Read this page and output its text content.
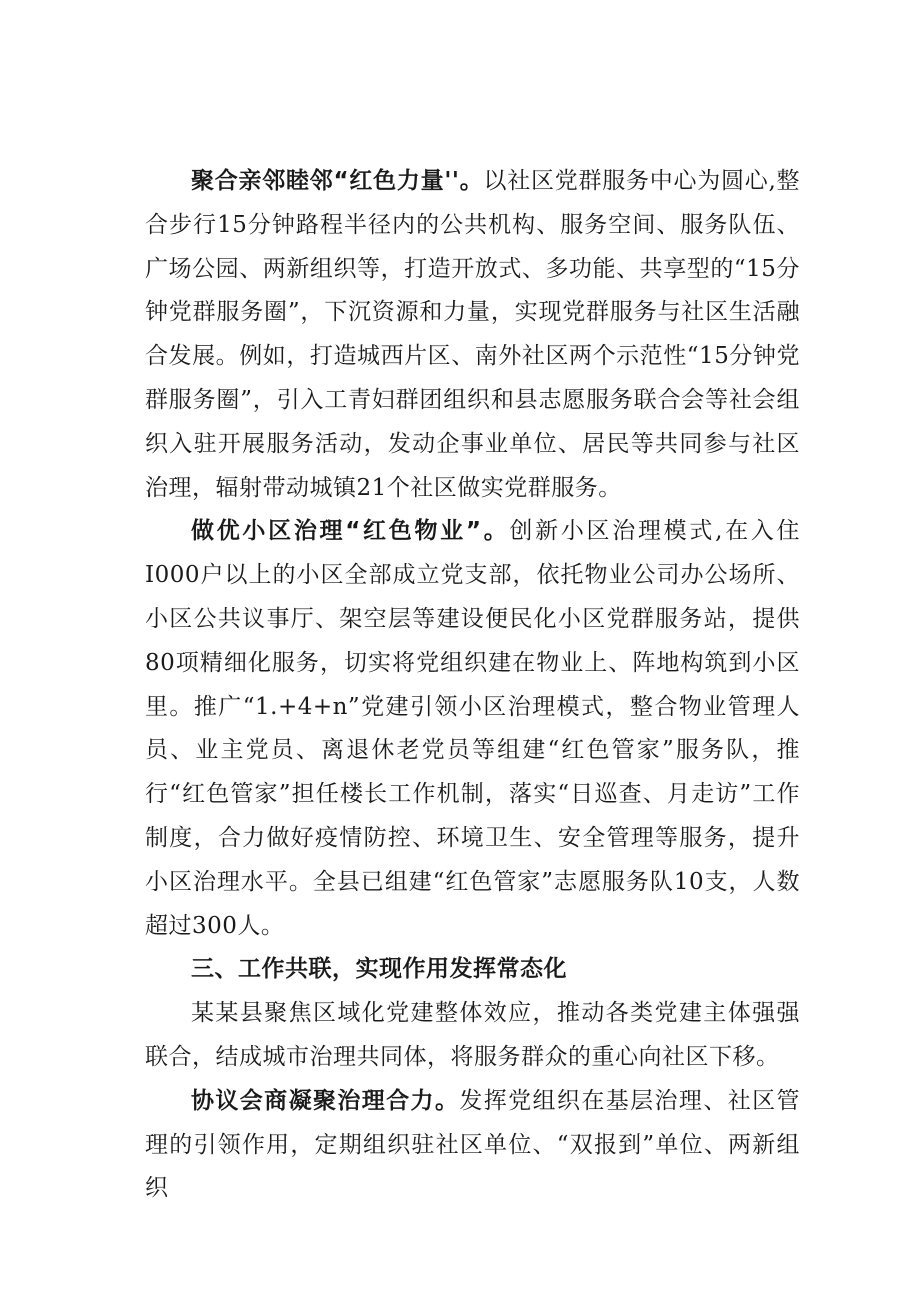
聚合亲邻睦邻“红色力量''。以社区党群服务中心为圆心,整合步行15分钟路程半径内的公共机构、服务空间、服务队伍、广场公园、两新组织等，打造开放式、多功能、共享型的“15分钟党群服务圈”，下沉资源和力量，实现党群服务与社区生活融合发展。例如，打造城西片区、南外社区两个示范性“15分钟党群服务圈”，引入工青妇群团组织和县志愿服务联合会等社会组织入驻开展服务活动，发动企事业单位、居民等共同参与社区治理，辐射带动城镇21个社区做实党群服务。

做优小区治理“红色物业”。创新小区治理模式,在入住I000户以上的小区全部成立党支部，依托物业公司办公场所、小区公共议事厅、架空层等建设便民化小区党群服务站，提供80项精细化服务，切实将党组织建在物业上、阵地构筑到小区里。推广“1.+4+n”党建引领小区治理模式，整合物业管理人员、业主党员、离退休老党员等组建“红色管家”服务队，推行“红色管家”担任楼长工作机制，落实“日巡查、月走访”工作制度，合力做好疫情防控、环境卫生、安全管理等服务，提升小区治理水平。全县已组建“红色管家”志愿服务队10支，人数超过300人。

三、工作共联，实现作用发挥常态化

某某县聚焦区域化党建整体效应，推动各类党建主体强强联合，结成城市治理共同体，将服务群众的重心向社区下移。

协议会商凝聚治理合力。发挥党组织在基层治理、社区管理的引领作用，定期组织驻社区单位、“双报到”单位、两新组织
